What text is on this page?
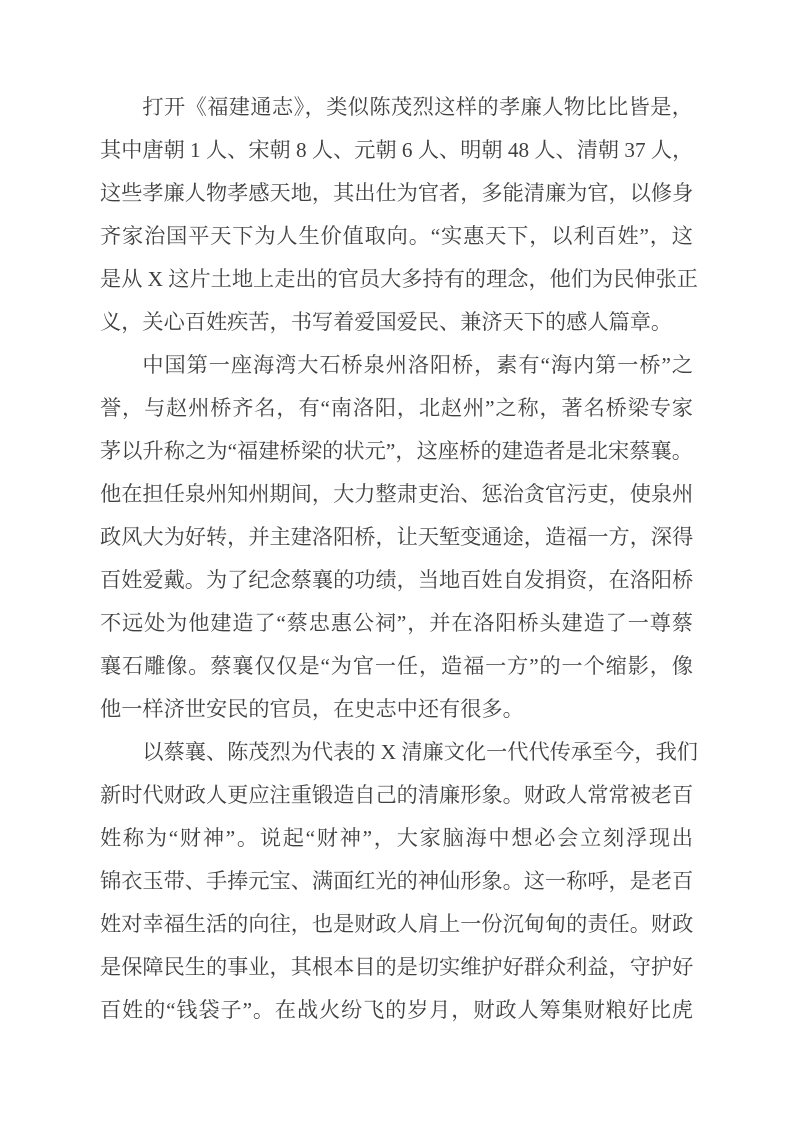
打开《福建通志》，类似陈茂烈这样的孝廉人物比比皆是，
其中唐朝 1 人、宋朝 8 人、元朝 6 人、明朝 48 人、清朝 37 人，
这些孝廉人物孝感天地，其出仕为官者，多能清廉为官，以修身
齐家治国平天下为人生价值取向。“实惠天下，以利百姓”，这
是从 X 这片土地上走出的官员大多持有的理念，他们为民伸张正
义，关心百姓疾苦，书写着爱国爱民、兼济天下的感人篇章。
中国第一座海湾大石桥泉州洛阳桥，素有“海内第一桥”之
誉，与赵州桥齐名，有“南洛阳，北赵州”之称，著名桥梁专家
茅以升称之为“福建桥梁的状元”，这座桥的建造者是北宋蔡襄。
他在担任泉州知州期间，大力整肃吏治、惩治贪官污吏，使泉州
政风大为好转，并主建洛阳桥，让天堑变通途，造福一方，深得
百姓爱戴。为了纪念蔡襄的功绩，当地百姓自发捐资，在洛阳桥
不远处为他建造了“蔡忠惠公祠”，并在洛阳桥头建造了一尊蔡
襄石雕像。蔡襄仅仅是“为官一任，造福一方”的一个缩影，像
他一样济世安民的官员，在史志中还有很多。
以蔡襄、陈茂烈为代表的 X 清廉文化一代代传承至今，我们
新时代财政人更应注重锻造自己的清廉形象。财政人常常被老百
姓称为“财神”。说起“财神”，大家脑海中想必会立刻浮现出
锦衣玉带、手捧元宝、满面红光的神仙形象。这一称呼，是老百
姓对幸福生活的向往，也是财政人肩上一份沉甸甸的责任。财政
是保障民生的事业，其根本目的是切实维护好群众利益，守护好
百姓的“钱袋子”。在战火纷飞的岁月，财政人筹集财粮好比虎
